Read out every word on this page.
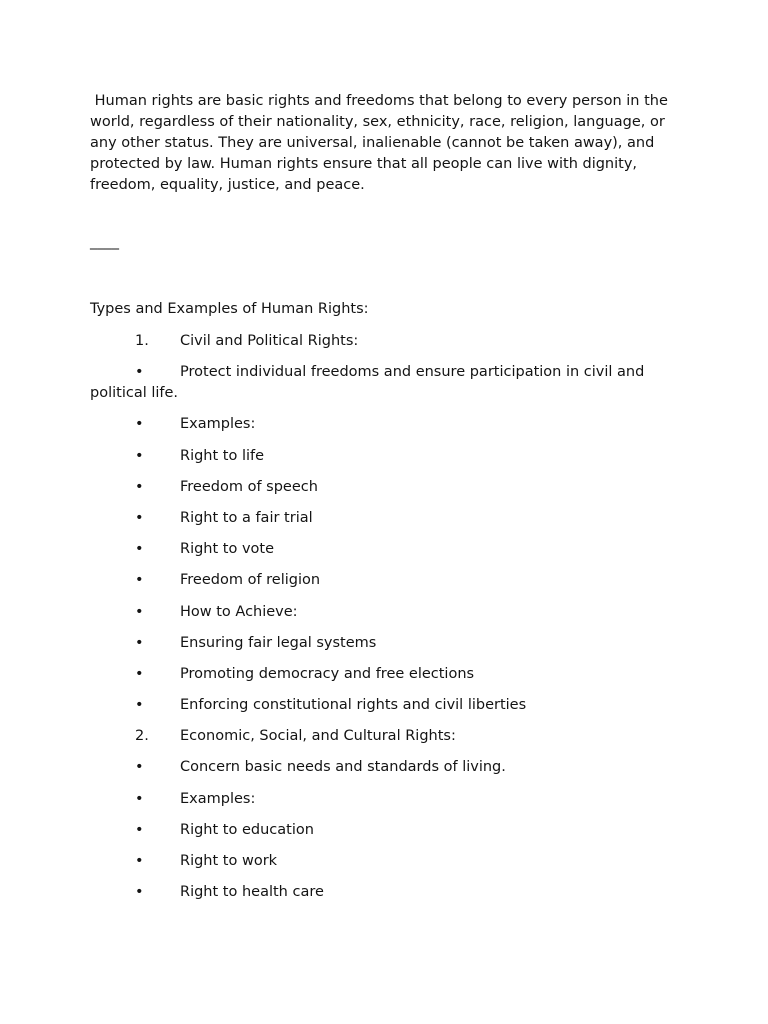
Human rights are basic rights and freedoms that belong to every person in the world, regardless of their nationality, sex, ethnicity, race, religion, language, or any other status. They are universal, inalienable (cannot be taken away), and protected by law. Human rights ensure that all people can live with dignity, freedom, equality, justice, and peace.

____

Types and Examples of Human Rights:

1.	Civil and Political Rights:
•	Protect individual freedoms and ensure participation in civil and political life.
•	Examples:
•	Right to life
•	Freedom of speech
•	Right to a fair trial
•	Right to vote
•	Freedom of religion
•	How to Achieve:
•	Ensuring fair legal systems
•	Promoting democracy and free elections
•	Enforcing constitutional rights and civil liberties
2.	Economic, Social, and Cultural Rights:
•	Concern basic needs and standards of living.
•	Examples:
•	Right to education
•	Right to work
•	Right to health care
